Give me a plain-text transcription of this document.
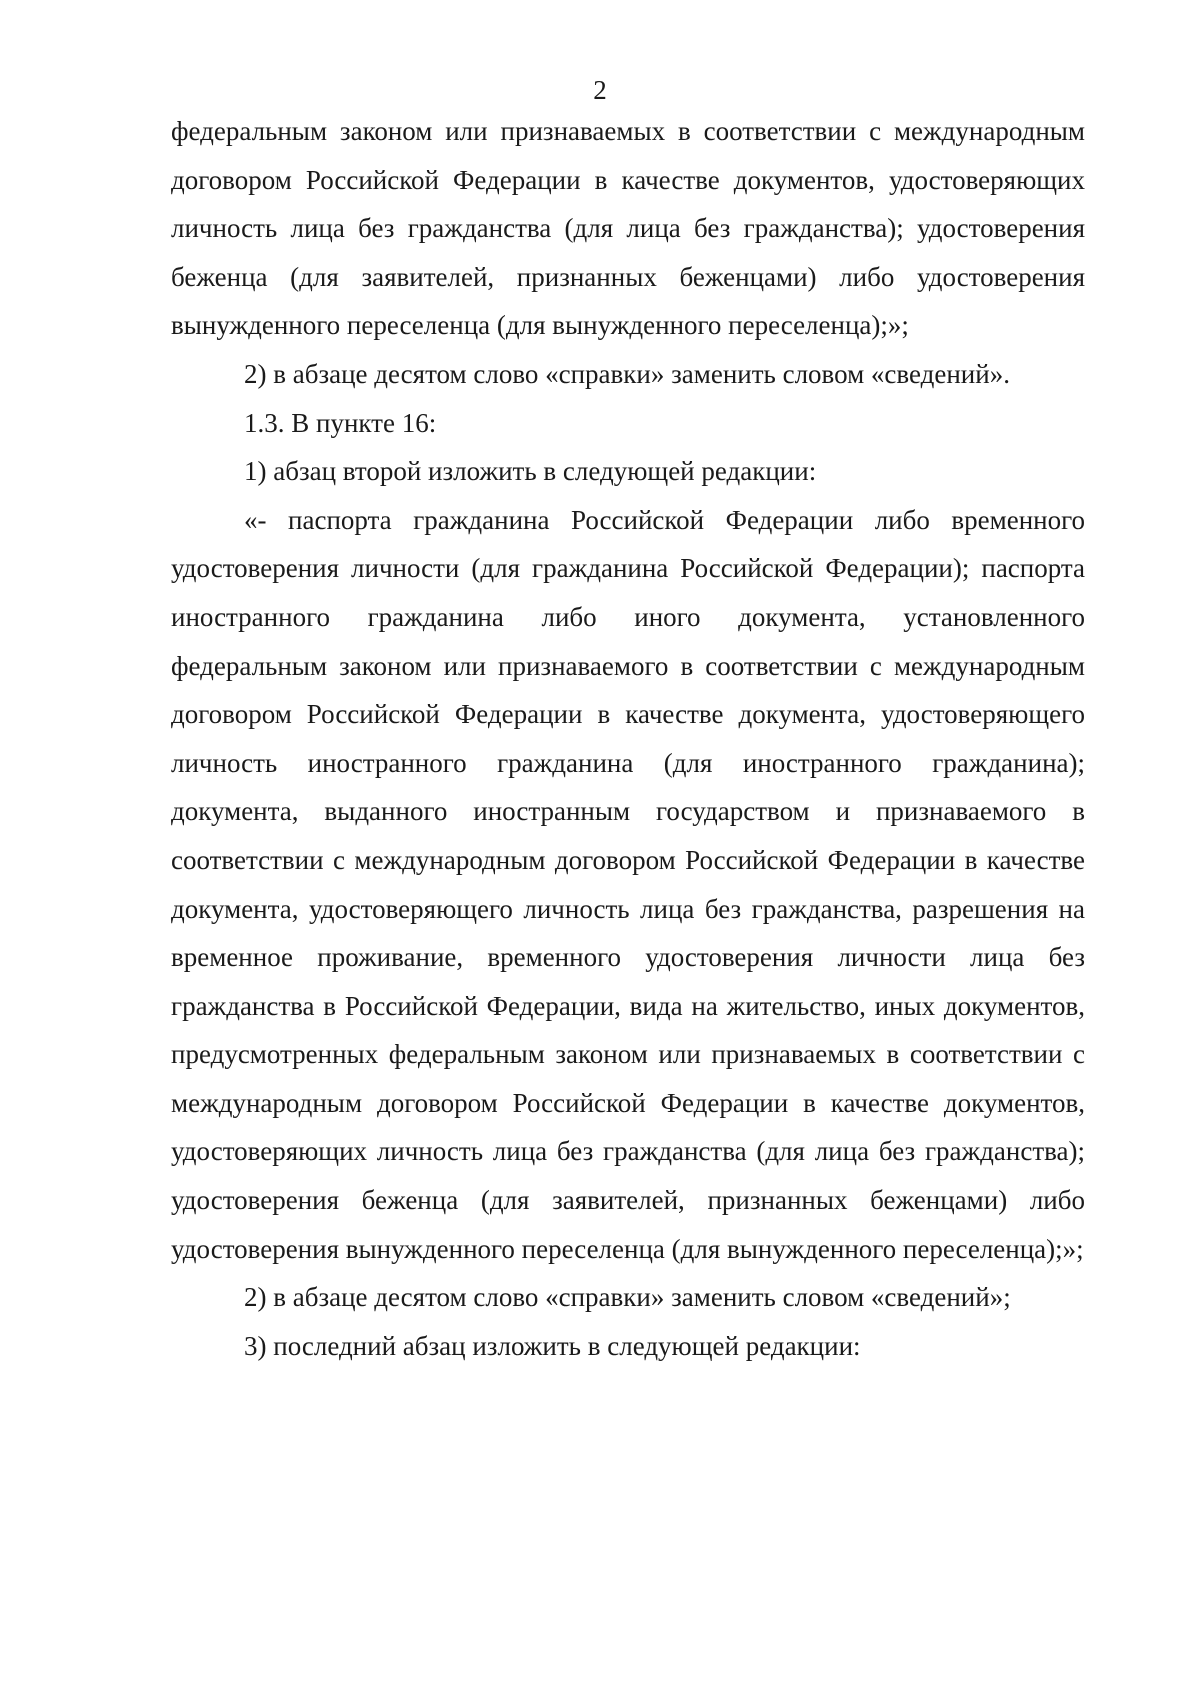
2

федеральным законом или признаваемых в соответствии с международным договором Российской Федерации в качестве документов, удостоверяющих личность лица без гражданства (для лица без гражданства); удостоверения беженца (для заявителей, признанных беженцами) либо удостоверения вынужденного переселенца (для вынужденного переселенца);»;

2) в абзаце десятом слово «справки» заменить словом «сведений».

1.3. В пункте 16:

1) абзац второй изложить в следующей редакции:

«- паспорта гражданина Российской Федерации либо временного удостоверения личности (для гражданина Российской Федерации); паспорта иностранного гражданина либо иного документа, установленного федеральным законом или признаваемого в соответствии с международным договором Российской Федерации в качестве документа, удостоверяющего личность иностранного гражданина (для иностранного гражданина); документа, выданного иностранным государством и признаваемого в соответствии с международным договором Российской Федерации в качестве документа, удостоверяющего личность лица без гражданства, разрешения на временное проживание, временного удостоверения личности лица без гражданства в Российской Федерации, вида на жительство, иных документов, предусмотренных федеральным законом или признаваемых в соответствии с международным договором Российской Федерации в качестве документов, удостоверяющих личность лица без гражданства (для лица без гражданства); удостоверения беженца (для заявителей, признанных беженцами) либо удостоверения вынужденного переселенца (для вынужденного переселенца);»;

2) в абзаце десятом слово «справки» заменить словом «сведений»;

3) последний абзац изложить в следующей редакции:
